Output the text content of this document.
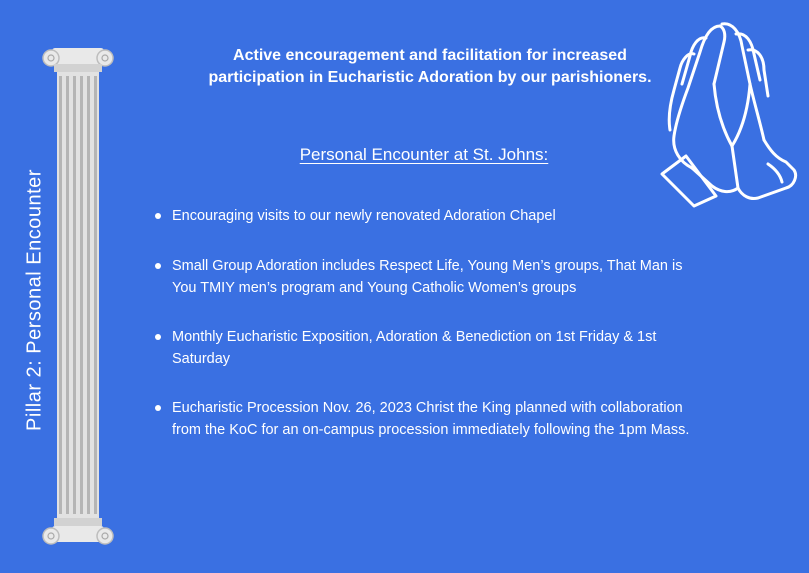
Pillar 2: Personal Encounter
Active encouragement and facilitation for increased participation in Eucharistic Adoration by our parishioners.
Personal Encounter at St. Johns:
Encouraging visits to our newly renovated Adoration Chapel
Small Group Adoration includes Respect Life, Young Men’s groups, That Man is You TMIY men’s program and Young Catholic Women’s groups
Monthly Eucharistic Exposition, Adoration & Benediction on 1st Friday & 1st Saturday
Eucharistic Procession Nov. 26, 2023 Christ the King planned with collaboration from the KoC for an on-campus procession immediately following the 1pm Mass.
